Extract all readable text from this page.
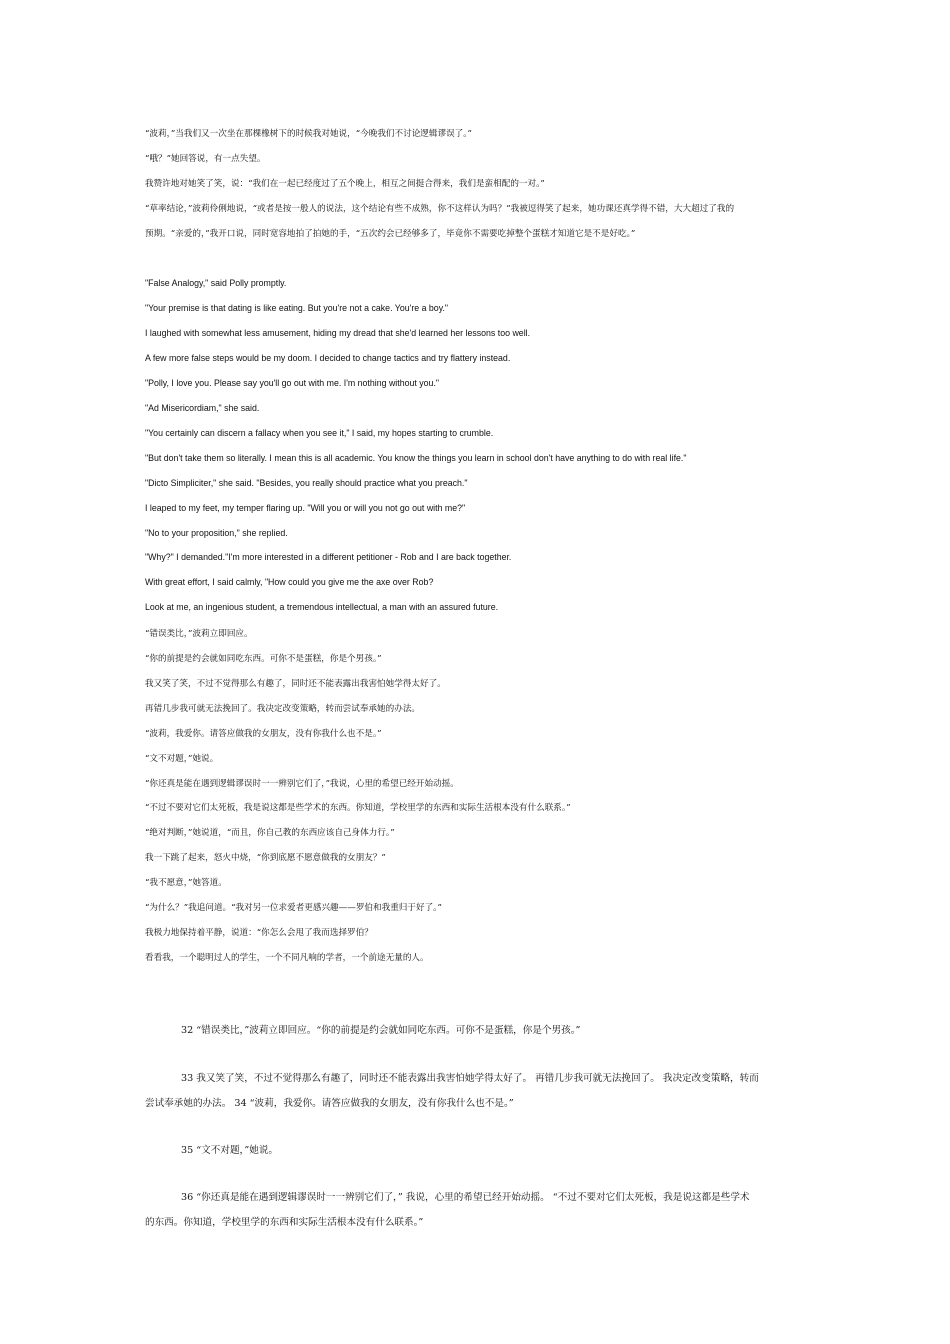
“波莉，”当我们又一次坐在那棵橡树下的时候我对她说，“今晚我们不讨论逻辑谬误了。”
“哦？”她回答说，有一点失望。
我赞许地对她笑了笑，说：“我们在一起已经度过了五个晚上，相互之间挺合得来，我们是蛮相配的一对。”
“草率结论，”波莉伶俐地说，“或者是按一般人的说法，这个结论有些不成熟，你不这样认为吗？”我被逗得笑了起来，她功课还真学得不错，大大超过了我的
预期。“亲爱的，”我开口说，同时宽容地拍了拍她的手，“五次约会已经够多了，毕竟你不需要吃掉整个蛋糕才知道它是不是好吃。”
"False Analogy," said Polly promptly.
"Your premise is that dating is like eating. But you're not a cake. You're a boy."
I laughed with somewhat less amusement, hiding my dread that she'd learned her lessons too well.
A few more false steps would be my doom. I decided to change tactics and try flattery instead.
"Polly, I love you. Please say you'll go out with me. I'm nothing without you."
"Ad Misericordiam," she said.
"You certainly can discern a fallacy when you see it," I said, my hopes starting to crumble.
"But don't take them so literally. I mean this is all academic. You know the things you learn in school don't have anything to do with real life."
"Dicto Simpliciter," she said. "Besides, you really should practice what you preach."
I leaped to my feet, my temper flaring up. "Will you or will you not go out with me?"
"No to your proposition," she replied.
"Why?" I demanded."I'm more interested in a different petitioner - Rob and I are back together.
With great effort, I said calmly, "How could you give me the axe over Rob?
Look at me, an ingenious student, a tremendous intellectual, a man with an assured future.
“错误类比，”波莉立即回应。
“你的前提是约会就如同吃东西。可你不是蛋糕，你是个男孩。”
我又笑了笑，不过不觉得那么有趣了，同时还不能表露出我害怕她学得太好了。
再错几步我可就无法挽回了。我决定改变策略，转而尝试奉承她的办法。
“波莉，我爱你。请答应做我的女朋友，没有你我什么也不是。”
“文不对题，”她说。
“你还真是能在遇到逻辑谬误时一一辨别它们了，”我说，心里的希望已经开始动摇。
“不过不要对它们太死板，我是说这都是些学术的东西。你知道，学校里学的东西和实际生活根本没有什么联系。”
“绝对判断，”她说道，“而且，你自己教的东西应该自己身体力行。”
我一下跳了起来，怒火中烧，“你到底愿不愿意做我的女朋友？”
“我不愿意，”她答道。
“为什么？”我追问道。“我对另一位求爱者更感兴趣——罗伯和我重归于好了。”
我极力地保持着平静，说道：“你怎么会甩了我而选择罗伯？
看看我，一个聪明过人的学生，一个不同凡响的学者，一个前途无量的人。
32 “错误类比，”波莉立即回应。“你的前提是约会就如同吃东西。可你不是蛋糕，你是个男孩。”
33 我又笑了笑，不过不觉得那么有趣了，同时还不能表露出我害怕她学得太好了。 再错几步我可就无法挽回了。 我决定改变策略，转而
尝试奉承她的办法。 34 “波莉，我爱你。请答应做我的女朋友，没有你我什么也不是。”
35 “文不对题，”她说。
36 “你还真是能在遇到逻辑谬误时一一辨别它们了，” 我说，心里的希望已经开始动摇。 “不过不要对它们太死板，我是说这都是些学术
的东西。你知道，学校里学的东西和实际生活根本没有什么联系。”
